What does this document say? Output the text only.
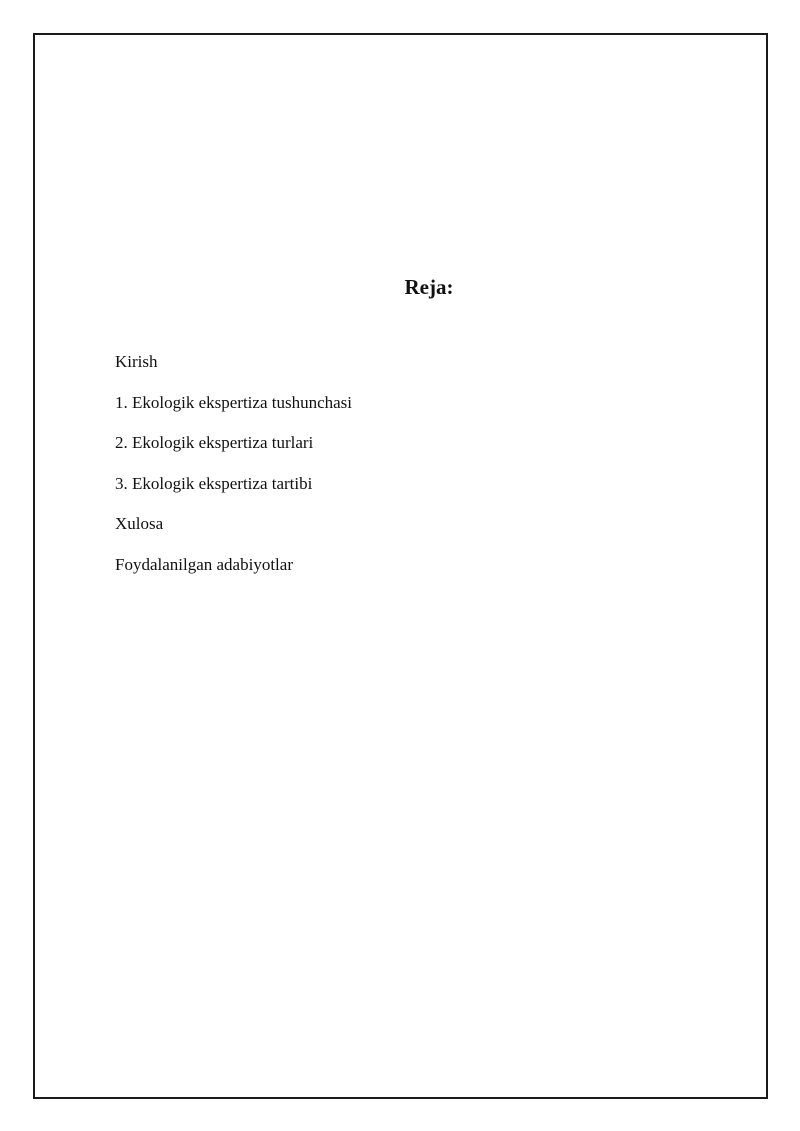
Reja:
Kirish
1. Ekologik ekspertiza tushunchasi
2. Ekologik ekspertiza turlari
3. Ekologik ekspertiza tartibi
Xulosa
Foydalanilgan adabiyotlar
